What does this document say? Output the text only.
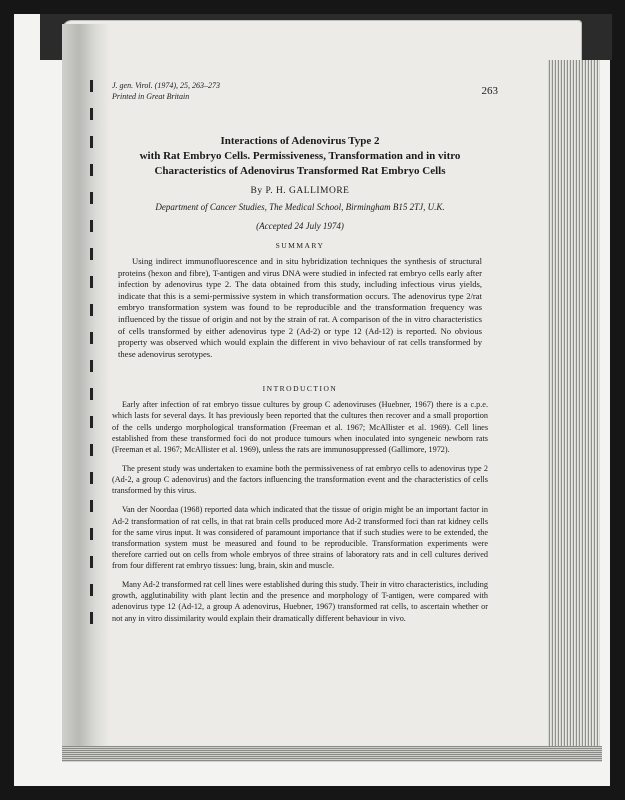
J. gen. Virol. (1974), 25, 263–273
Printed in Great Britain	263
Interactions of Adenovirus Type 2
with Rat Embryo Cells. Permissiveness, Transformation and in vitro
Characteristics of Adenovirus Transformed Rat Embryo Cells
By P. H. GALLIMORE
Department of Cancer Studies, The Medical School, Birmingham B15 2TJ, U.K.
(Accepted 24 July 1974)
SUMMARY

Using indirect immunofluorescence and in situ hybridization techniques the synthesis of structural proteins (hexon and fibre), T-antigen and virus DNA were studied in infected rat embryo cells early after infection by adenovirus type 2. The data obtained from this study, including infectious virus yields, indicate that this is a semi-permissive system in which transformation occurs. The adenovirus type 2/rat embryo transformation system was found to be reproducible and the transformation frequency was influenced by the tissue of origin and not by the strain of rat. A comparison of the in vitro characteristics of cells transformed by either adenovirus type 2 (Ad-2) or type 12 (Ad-12) is reported. No obvious property was observed which would explain the different in vivo behaviour of rat cells transformed by these adenovirus serotypes.

INTRODUCTION

Early after infection of rat embryo tissue cultures by group C adenoviruses (Huebner, 1967) there is a c.p.e. which lasts for several days. It has previously been reported that the cultures then recover and a small proportion of the cells undergo morphological transformation (Freeman et al. 1967; McAllister et al. 1969). Cell lines established from these transformed foci do not produce tumours when inoculated into syngeneic newborn rats (Freeman et al. 1967; McAllister et al. 1969), unless the rats are immunosuppressed (Gallimore, 1972).

The present study was undertaken to examine both the permissiveness of rat embryo cells to adenovirus type 2 (Ad-2, a group C adenovirus) and the factors influencing the transformation event and the characteristics of cells transformed by this virus.

Van der Noordaa (1968) reported data which indicated that the tissue of origin might be an important factor in Ad-2 transformation of rat cells, in that rat brain cells produced more Ad-2 transformed foci than rat kidney cells for the same virus input. It was considered of paramount importance that if such studies were to be extended, the transformation system must be measured and found to be reproducible. Transformation experiments were therefore carried out on cells from whole embryos of three strains of laboratory rats and in cell cultures derived from four different rat embryo tissues: lung, brain, skin and muscle.

Many Ad-2 transformed rat cell lines were established during this study. Their in vitro characteristics, including growth, agglutinability with plant lectin and the presence and morphology of T-antigen, were compared with adenovirus type 12 (Ad-12, a group A adenovirus, Huebner, 1967) transformed rat cells, to ascertain whether or not any in vitro dissimilarity would explain their dramatically different behaviour in vivo.
